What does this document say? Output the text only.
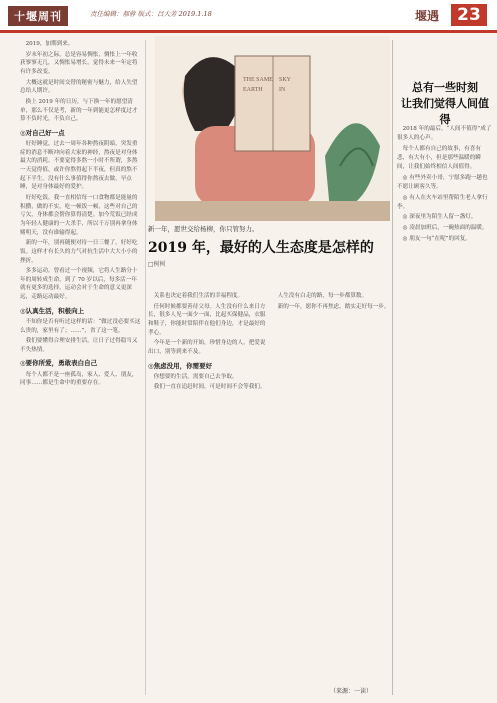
十堰周刊	责任编辑：郝蓉 版式：吕大芳 2019.1.18	堰遇	23

2019，加期到来。

岁末年初之际，总是容易惆怅，惆怅上一年收获寥寥无几，又惆怅易增长，觉得未来一年定将有许多改变。

大概这就是时间交替的秘密与魅力，给人失望总给人期许。

换上 2019 年的日历，与下换一年的愿望清单，那么不仅是考，新的一年到能更怎样度过才算不负时光，不负自己。

◎对自己好一点

好好睡觉，过去一周年各种熬夜阴暗，突发重症的消息不断冲向着大家的神经，熬夜是对身体最大的消耗。不要觉得多熬一小时不所谓，多熬一天觉得值，或许你熬得起下半夜，但真的熬不起下半生。没有什么事值得你熬夜去做，早点睡，是对身体最好的爱护。

好好吃饭。我一直相信每一口食物都是能量的积攒，做的不实，吃一顿饭一顿，这些对自己的亏欠，身体都会帮你算得清楚。加今荒饭已经成为年轻人健康的一大杀手，所以千万别再拿身体赌明天，没有谁输得起。

新的一年，别再随便对待一日三餐了，好好吃饭。这样才有长久的力气对抗生活中大大小小的挫折。

多多运动。曾看过一个视频，它将人生路分十年的周转成生命，到了 70 岁以后，每多活一年就有更多的选择，运动会对于生命的意义更深远，走路运动最好。

◎认真生活，积极向上

不知你是否有听过这样的话：“做过没必要买这么贵的，家里有了；……”，省了这一笔。

我们要懂得合理安排生活，让日子过得稳当又不失热情。

◎要你所爱，勇敢表白自己

每个人都不是一座孤岛，家人、爱人、朋友，同事……都是生命中的重要存在。

THE SAME
EARTH
SKY
IN

新一年，愿世交给杨柳，你只管努力。

2019 年，最好的人生态度是怎样的

□树树

关系也决定着我们生活的幸福程度。

任何时候都要善待父母。人生没有什么来日方长，很多人见一面少一面，比起买保健品，衣服和鞋子，你能时常陪伴在他们身边，才是最好的孝心。

今年是一个新的开始，珍惜身边的人，把爱说出口，别等到来不及。

◎焦虑没用，你需要好

你想要的生活，需要自己去争取。

我们一直在追赶时间，可是时间不会等我们。

人生没有白走的路，每一步都算数。

新的一年，愿你不再焦虑，踏实走好每一步。

（来源：一读）
总有一些时刻
让我们觉得人间值得

2018 年的最后，“人间不值得”成了很多人的心声。

每个人都有自己的故事，有喜有悲，有大有小，但是那些温暖的瞬间，让我们始终相信人间值得。

◎ 有些外卖小哥，宁愿多跑一趟也不愿让顾客久等。

◎ 有人在火车站里帮陌生老人拿行李。

◎ 深夜里为陌生人留一盏灯。

◎ 凌晨加班后，一碗热面的温暖。

◎ 朋友一句“在呢”的回复。
